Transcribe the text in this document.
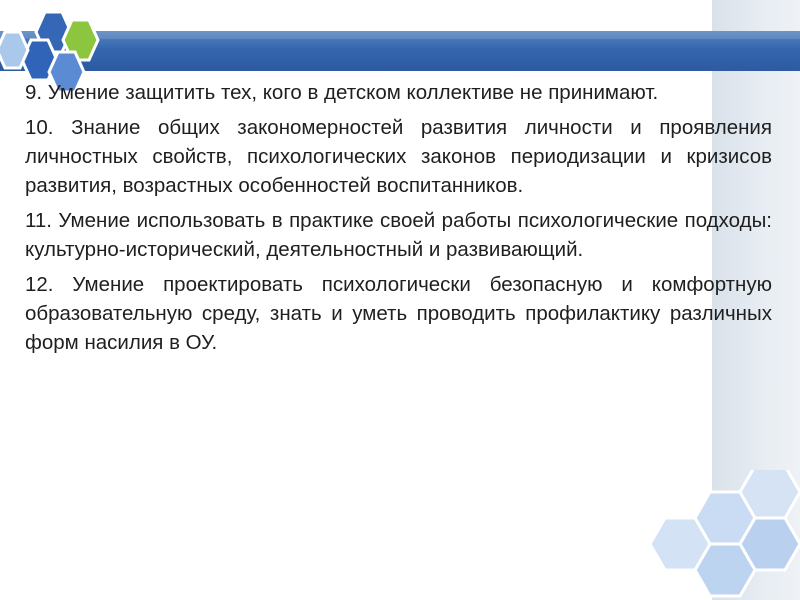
9. Умение защитить тех, кого в детском коллективе не принимают.

10. Знание общих закономерностей развития личности и проявления личностных свойств, психологических законов периодизации и кризисов развития, возрастных особенностей воспитанников.

11. Умение использовать в практике своей работы психологические подходы: культурно-исторический, деятельностный и развивающий.

12. Умение проектировать психологически безопасную и комфортную образовательную среду, знать и уметь проводить профилактику различных форм насилия в ОУ.
